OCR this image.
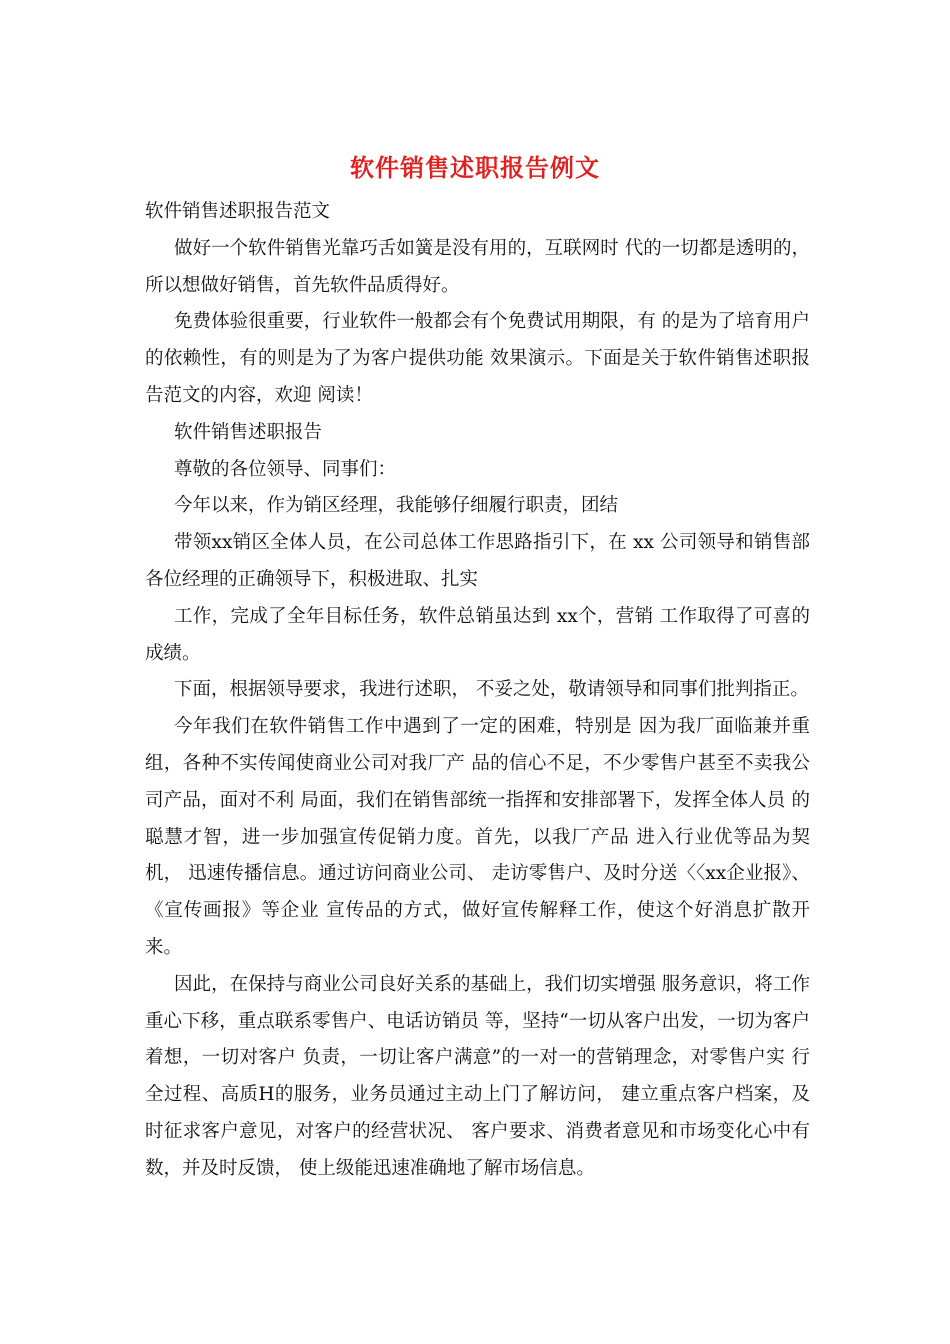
软件销售述职报告例文

软件销售述职报告范文

做好一个软件销售光靠巧舌如簧是没有用的，互联网时 代的一切都是透明的，所以想做好销售，首先软件品质得好。

免费体验很重要，行业软件一般都会有个免费试用期限，有 的是为了培育用户的依赖性，有的则是为了为客户提供功能 效果演示。下面是关于软件销售述职报告范文的内容，欢迎 阅读！

软件销售述职报告

尊敬的各位领导、同事们：

今年以来，作为销区经理，我能够仔细履行职责，团结

带领xx销区全体人员，在公司总体工作思路指引下，在 xx 公司领导和销售部各位经理的正确领导下，积极进取、扎实

工作，完成了全年目标任务，软件总销虽达到 xx个，营销 工作取得了可喜的成绩。

下面，根据领导要求，我进行述职， 不妥之处，敬请领导和同事们批判指正。

今年我们在软件销售工作中遇到了一定的困难，特别是 因为我厂面临兼并重组，各种不实传闻使商业公司对我厂产 品的信心不足，不少零售户甚至不卖我公司产品，面对不利 局面，我们在销售部统一指挥和安排部署下，发挥全体人员 的聪慧才智，进一步加强宣传促销力度。首先，以我厂产品 进入行业优等品为契机， 迅速传播信息。通过访问商业公司、 走访零售户、及时分送〈〈xx企业报》、《宣传画报》等企业 宣传品的方式，做好宣传解释工作，使这个好消息扩散开来。

因此，在保持与商业公司良好关系的基础上，我们切实增强 服务意识，将工作重心下移，重点联系零售户、电话访销员 等，坚持“一切从客户出发，一切为客户着想，一切对客户 负责，一切让客户满意”的一对一的营销理念，对零售户实 行全过程、高质H的服务，业务员通过主动上门了解访问， 建立重点客户档案，及时征求客户意见，对客户的经营状况、 客户要求、消费者意见和市场变化心中有数，并及时反馈， 使上级能迅速准确地了解市场信息。
